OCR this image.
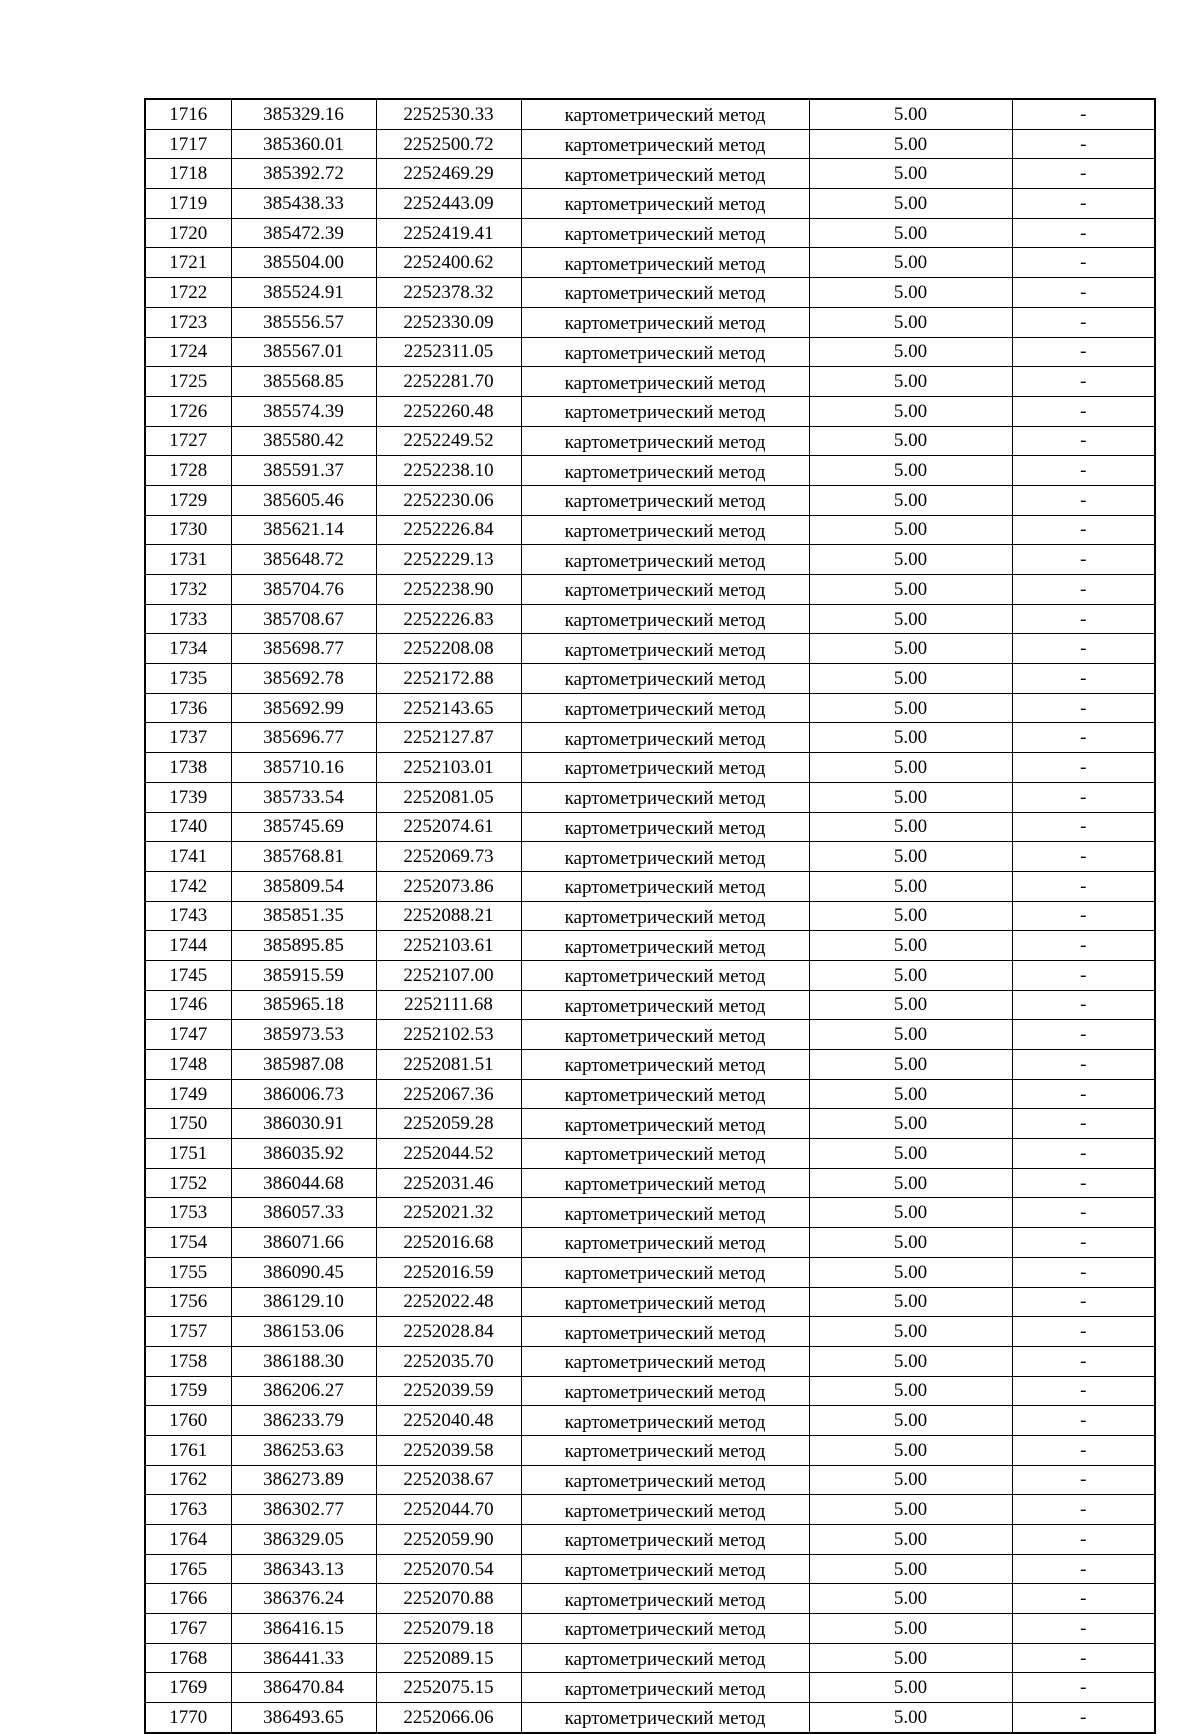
1716	385329.16	2252530.33	картометрический метод	5.00	-
1717	385360.01	2252500.72	картометрический метод	5.00	-
1718	385392.72	2252469.29	картометрический метод	5.00	-
1719	385438.33	2252443.09	картометрический метод	5.00	-
1720	385472.39	2252419.41	картометрический метод	5.00	-
1721	385504.00	2252400.62	картометрический метод	5.00	-
1722	385524.91	2252378.32	картометрический метод	5.00	-
1723	385556.57	2252330.09	картометрический метод	5.00	-
1724	385567.01	2252311.05	картометрический метод	5.00	-
1725	385568.85	2252281.70	картометрический метод	5.00	-
1726	385574.39	2252260.48	картометрический метод	5.00	-
1727	385580.42	2252249.52	картометрический метод	5.00	-
1728	385591.37	2252238.10	картометрический метод	5.00	-
1729	385605.46	2252230.06	картометрический метод	5.00	-
1730	385621.14	2252226.84	картометрический метод	5.00	-
1731	385648.72	2252229.13	картометрический метод	5.00	-
1732	385704.76	2252238.90	картометрический метод	5.00	-
1733	385708.67	2252226.83	картометрический метод	5.00	-
1734	385698.77	2252208.08	картометрический метод	5.00	-
1735	385692.78	2252172.88	картометрический метод	5.00	-
1736	385692.99	2252143.65	картометрический метод	5.00	-
1737	385696.77	2252127.87	картометрический метод	5.00	-
1738	385710.16	2252103.01	картометрический метод	5.00	-
1739	385733.54	2252081.05	картометрический метод	5.00	-
1740	385745.69	2252074.61	картометрический метод	5.00	-
1741	385768.81	2252069.73	картометрический метод	5.00	-
1742	385809.54	2252073.86	картометрический метод	5.00	-
1743	385851.35	2252088.21	картометрический метод	5.00	-
1744	385895.85	2252103.61	картометрический метод	5.00	-
1745	385915.59	2252107.00	картометрический метод	5.00	-
1746	385965.18	2252111.68	картометрический метод	5.00	-
1747	385973.53	2252102.53	картометрический метод	5.00	-
1748	385987.08	2252081.51	картометрический метод	5.00	-
1749	386006.73	2252067.36	картометрический метод	5.00	-
1750	386030.91	2252059.28	картометрический метод	5.00	-
1751	386035.92	2252044.52	картометрический метод	5.00	-
1752	386044.68	2252031.46	картометрический метод	5.00	-
1753	386057.33	2252021.32	картометрический метод	5.00	-
1754	386071.66	2252016.68	картометрический метод	5.00	-
1755	386090.45	2252016.59	картометрический метод	5.00	-
1756	386129.10	2252022.48	картометрический метод	5.00	-
1757	386153.06	2252028.84	картометрический метод	5.00	-
1758	386188.30	2252035.70	картометрический метод	5.00	-
1759	386206.27	2252039.59	картометрический метод	5.00	-
1760	386233.79	2252040.48	картометрический метод	5.00	-
1761	386253.63	2252039.58	картометрический метод	5.00	-
1762	386273.89	2252038.67	картометрический метод	5.00	-
1763	386302.77	2252044.70	картометрический метод	5.00	-
1764	386329.05	2252059.90	картометрический метод	5.00	-
1765	386343.13	2252070.54	картометрический метод	5.00	-
1766	386376.24	2252070.88	картометрический метод	5.00	-
1767	386416.15	2252079.18	картометрический метод	5.00	-
1768	386441.33	2252089.15	картометрический метод	5.00	-
1769	386470.84	2252075.15	картометрический метод	5.00	-
1770	386493.65	2252066.06	картометрический метод	5.00	-
